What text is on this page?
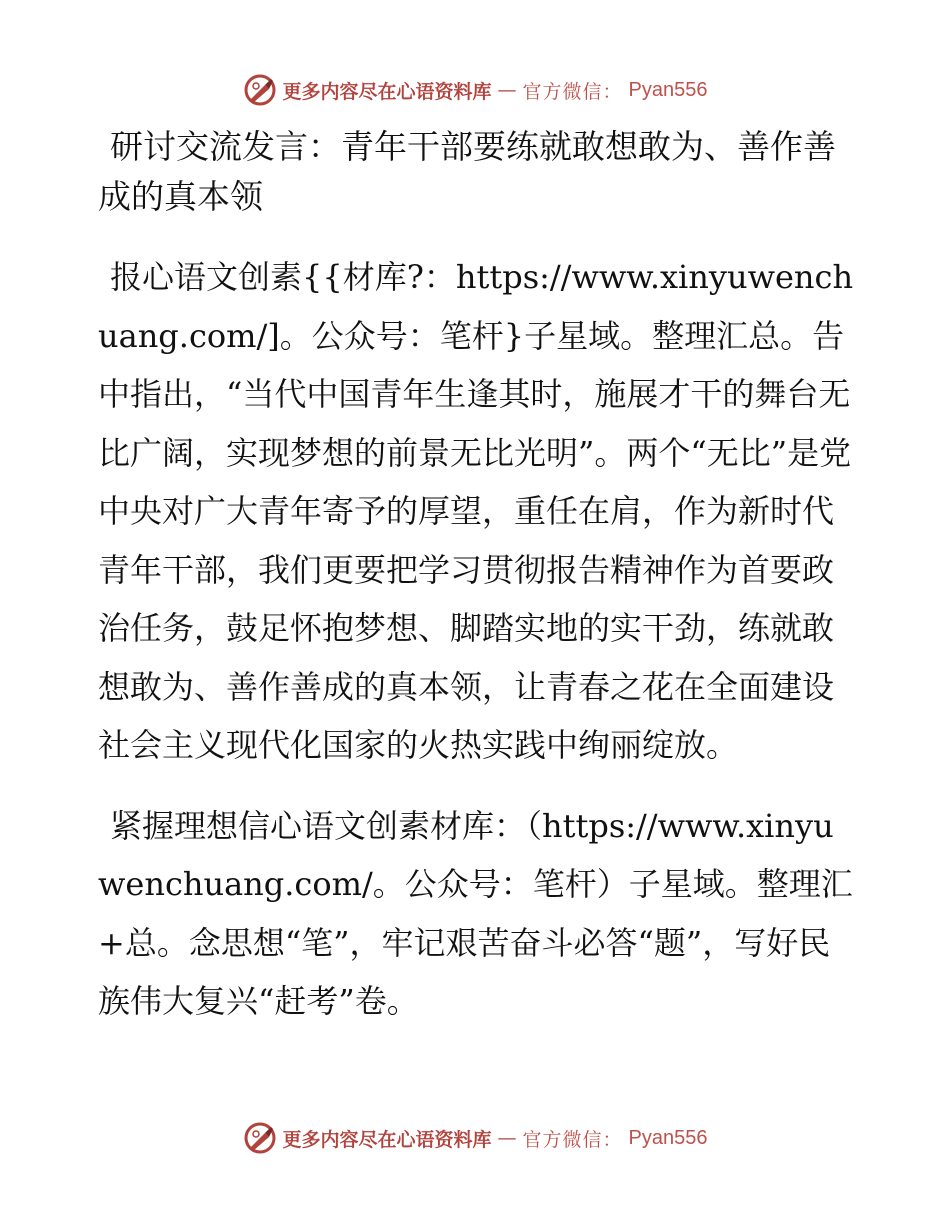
更多内容尽在心语资料库 — 官方微信： Pyan556
研讨交流发言：青年干部要练就敢想敢为、善作善成的真本领

报心语文创素{{材库?：https://www.xinyuwenchuang.com/]。公众号：笔杆}子星域。整理汇总。告中指出，“当代中国青年生逢其时，施展才干的舞台无比广阔，实现梦想的前景无比光明”。两个“无比”是党中央对广大青年寄予的厚望，重任在肩，作为新时代青年干部，我们更要把学习贯彻报告精神作为首要政治任务，鼓足怀抱梦想、脚踏实地的实干劲，练就敢想敢为、善作善成的真本领，让青春之花在全面建设社会主义现代化国家的火热实践中绚丽绽放。

紧握理想信心语文创素材库：（https://www.xinyuwenchuang.com/。公众号：笔杆）子星域。整理汇+总。念思想“笔”，牢记艰苦奋斗必答“题”，写好民族伟大复兴“赶考”卷。

更多内容尽在心语资料库 — 官方微信： Pyan556
